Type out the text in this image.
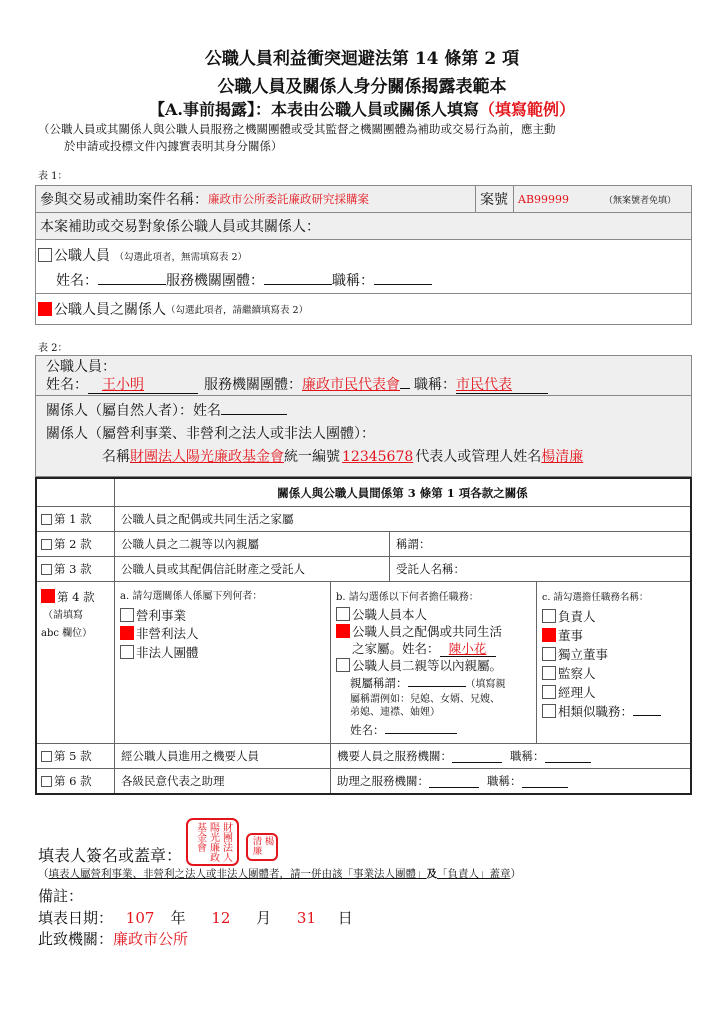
公職人員利益衝突迴避法第 14 條第 2 項
公職人員及關係人身分關係揭露表範本
【A.事前揭露】：本表由公職人員或關係人填寫（填寫範例）
（公職人員或其關係人與公職人員服務之機關團體或受其監督之機關團體為補助或交易行為前，應主動
於申請或投標文件內據實表明其身分關係）
表 1：
參與交易或補助案件名稱： 廉政市公所委託廉政研究採購案	案號 AB99999	（無案號者免填）
本案補助或交易對象係公職人員或其關係人：
公職人員 （勾選此項者，無需填寫表 2）
姓名：	服務機關團體：	職稱：
公職人員之關係人 （勾選此項者，請繼續填寫表 2）
表 2：
公職人員：
姓名： 王小明	服務機關團體：廉政市民代表會 職稱：市民代表
關係人（屬自然人者）：姓名
關係人（屬營利事業、非營利之法人或非法人團體）：
名稱財團法人陽光廉政基金會統一編號 12345678 代表人或管理人姓名楊清廉
關係人與公職人員間係第 3 條第 1 項各款之關係
第 1 款	公職人員之配偶或共同生活之家屬
第 2 款	公職人員之二親等以內親屬	稱謂：
第 3 款	公職人員或其配偶信託財產之受託人	受託人名稱：
第 4 款
（請填寫
abc 欄位）
a. 請勾選關係人係屬下列何者：
營利事業
非營利法人
非法人團體
b. 請勾選係以下何者擔任職務：
公職人員本人
公職人員之配偶或共同生活
之家屬。姓名： 陳小花
公職人員二親等以內親屬。
親屬稱謂：	（填寫親
屬稱謂例如：兒媳、女婿、兄嫂、
弟媳、連襟、妯娌）
姓名：
c. 請勾選擔任職務名稱：
負責人
董事
獨立董事
監察人
經理人
相類似職務：
第 5 款	經公職人員進用之機要人員	機要人員之服務機關：	職稱：
第 6 款	各級民意代表之助理	助理之服務機關：	職稱：
填表人簽名或蓋章：	財團法人
陽光廉政
基金會	楊
清廉
（填表人屬營利事業、非營利之法人或非法人團體者，請一併由該「事業法人團體」及「負責人」蓋章）
備註：
填表日期： 107 年 12 月 31 日
此致機關：廉政市公所
